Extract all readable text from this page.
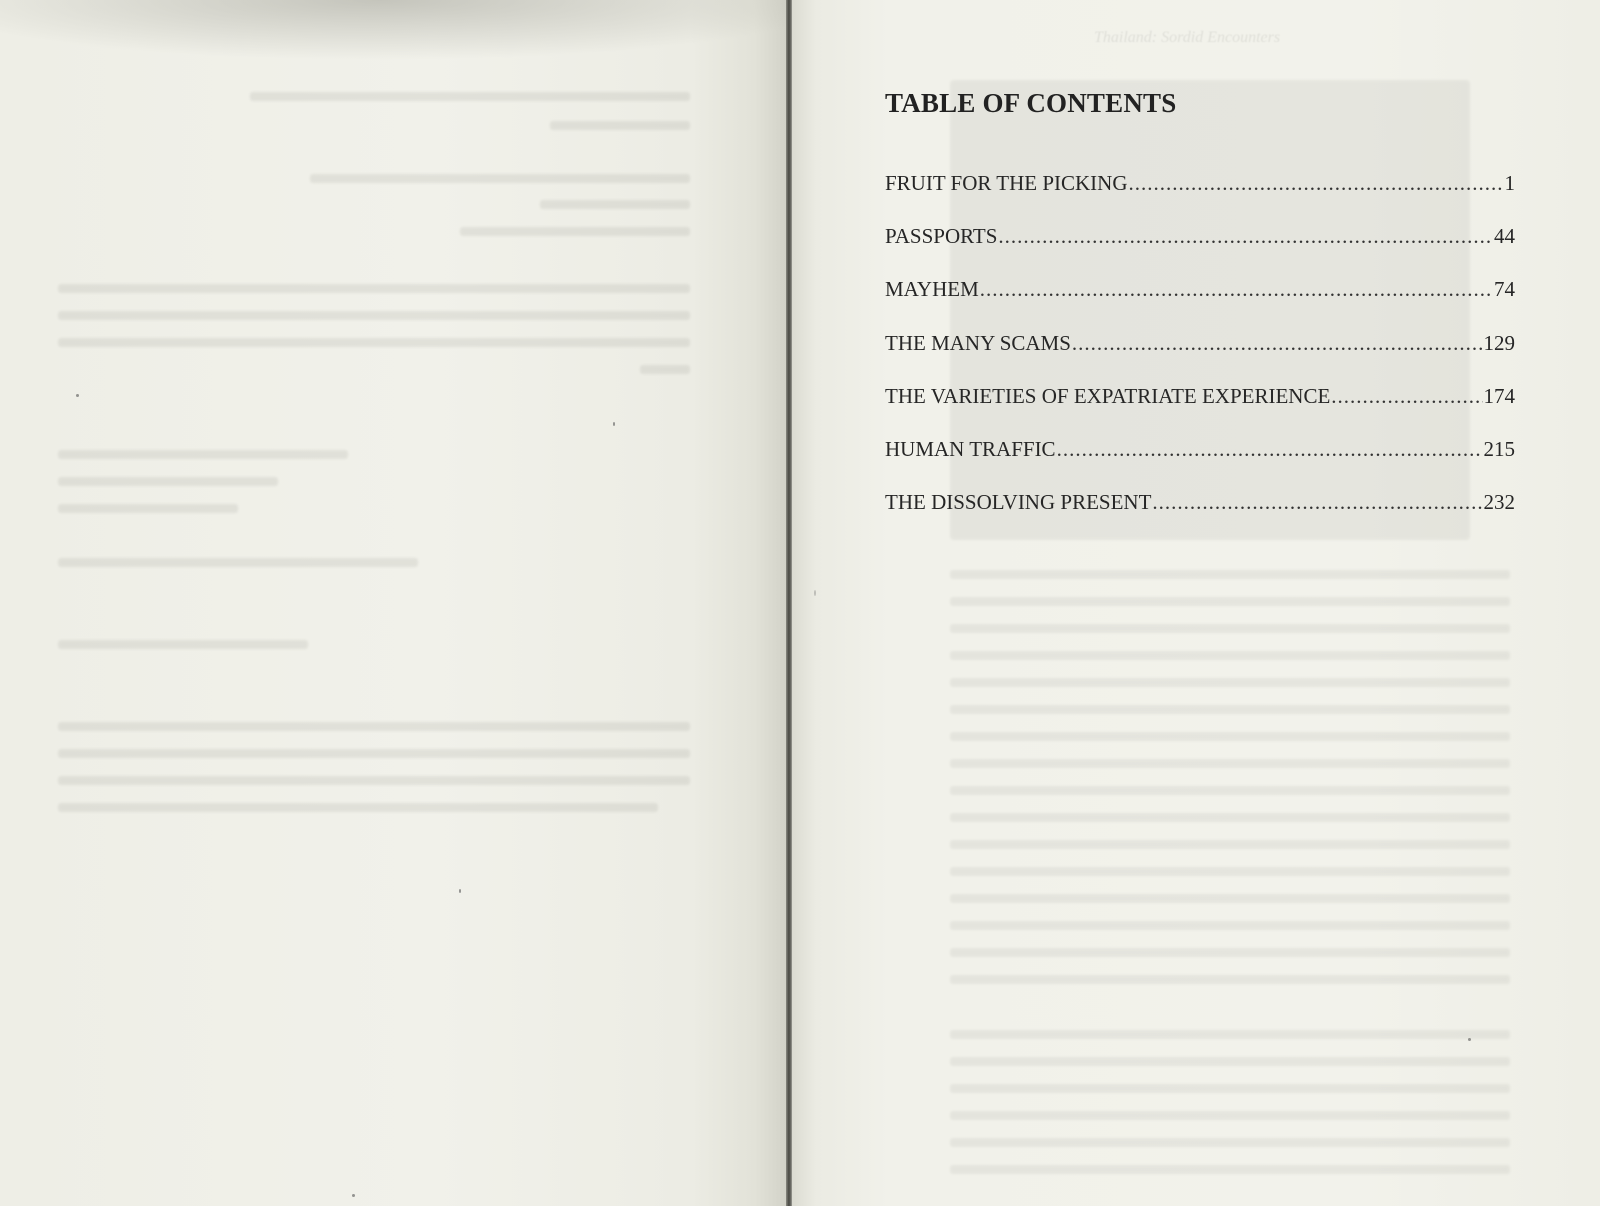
Thailand: Sordid Encounters
TABLE OF CONTENTS
FRUIT FOR THE PICKING .....	1
PASSPORTS .....	44
MAYHEM .....	74
THE MANY SCAMS .....	129
THE VARIETIES OF EXPATRIATE EXPERIENCE .....	174
HUMAN TRAFFIC .....	215
THE DISSOLVING PRESENT .....	232
